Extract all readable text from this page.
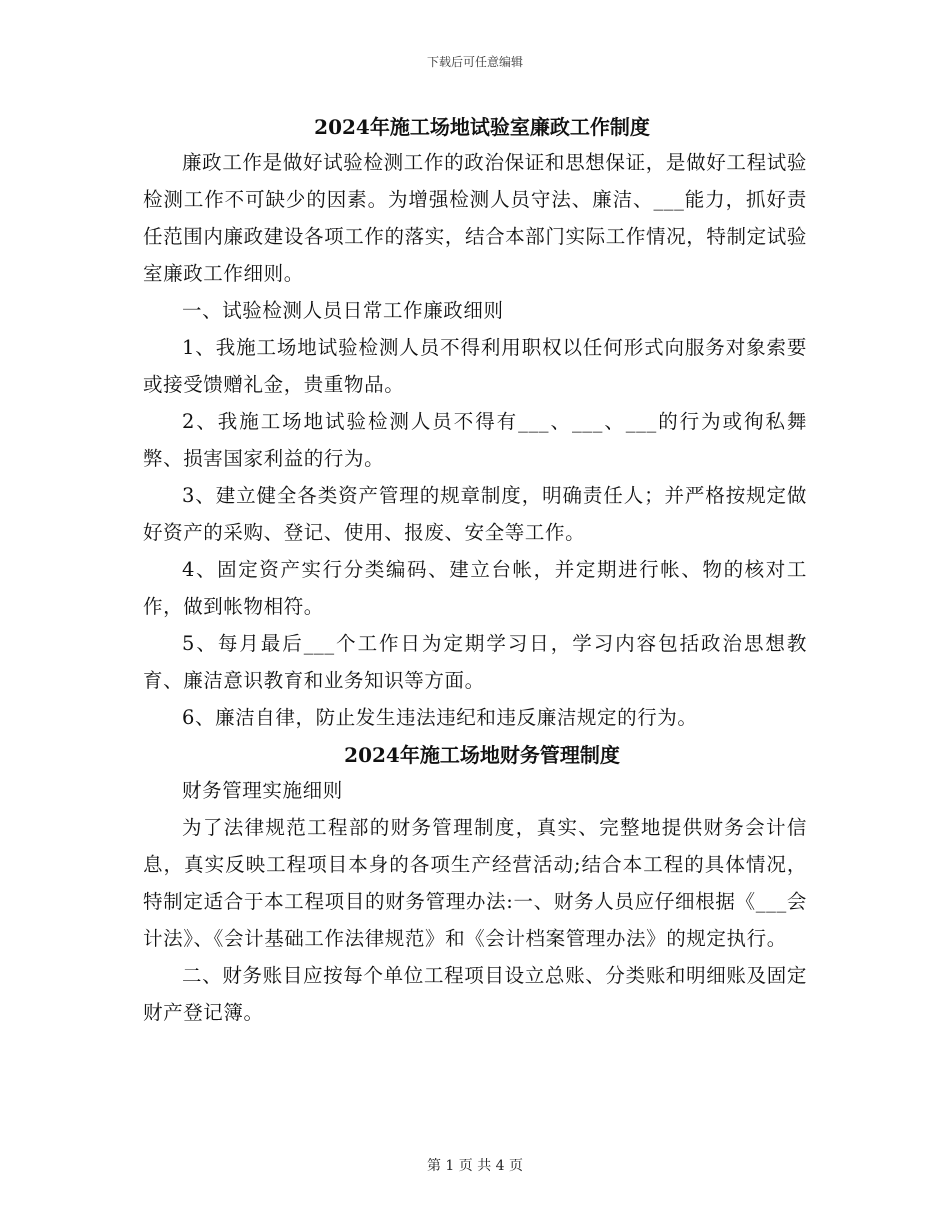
下载后可任意编辑
2024年施工场地试验室廉政工作制度

廉政工作是做好试验检测工作的政治保证和思想保证，是做好工程试验检测工作不可缺少的因素。为增强检测人员守法、廉洁、___能力，抓好责任范围内廉政建设各项工作的落实，结合本部门实际工作情况，特制定试验室廉政工作细则。

一、试验检测人员日常工作廉政细则

1、我施工场地试验检测人员不得利用职权以任何形式向服务对象索要或接受馈赠礼金，贵重物品。

2、我施工场地试验检测人员不得有___、___、___的行为或徇私舞弊、损害国家利益的行为。

3、建立健全各类资产管理的规章制度，明确责任人；并严格按规定做好资产的采购、登记、使用、报废、安全等工作。

4、固定资产实行分类编码、建立台帐，并定期进行帐、物的核对工作，做到帐物相符。

5、每月最后___个工作日为定期学习日，学习内容包括政治思想教育、廉洁意识教育和业务知识等方面。

6、廉洁自律，防止发生违法违纪和违反廉洁规定的行为。

2024年施工场地财务管理制度

财务管理实施细则

为了法律规范工程部的财务管理制度，真实、完整地提供财务会计信息，真实反映工程项目本身的各项生产经营活动;结合本工程的具体情况，特制定适合于本工程项目的财务管理办法:一、财务人员应仔细根据《___会计法》、《会计基础工作法律规范》和《会计档案管理办法》的规定执行。

二、财务账目应按每个单位工程项目设立总账、分类账和明细账及固定财产登记簿。

第 1 页 共 4 页
